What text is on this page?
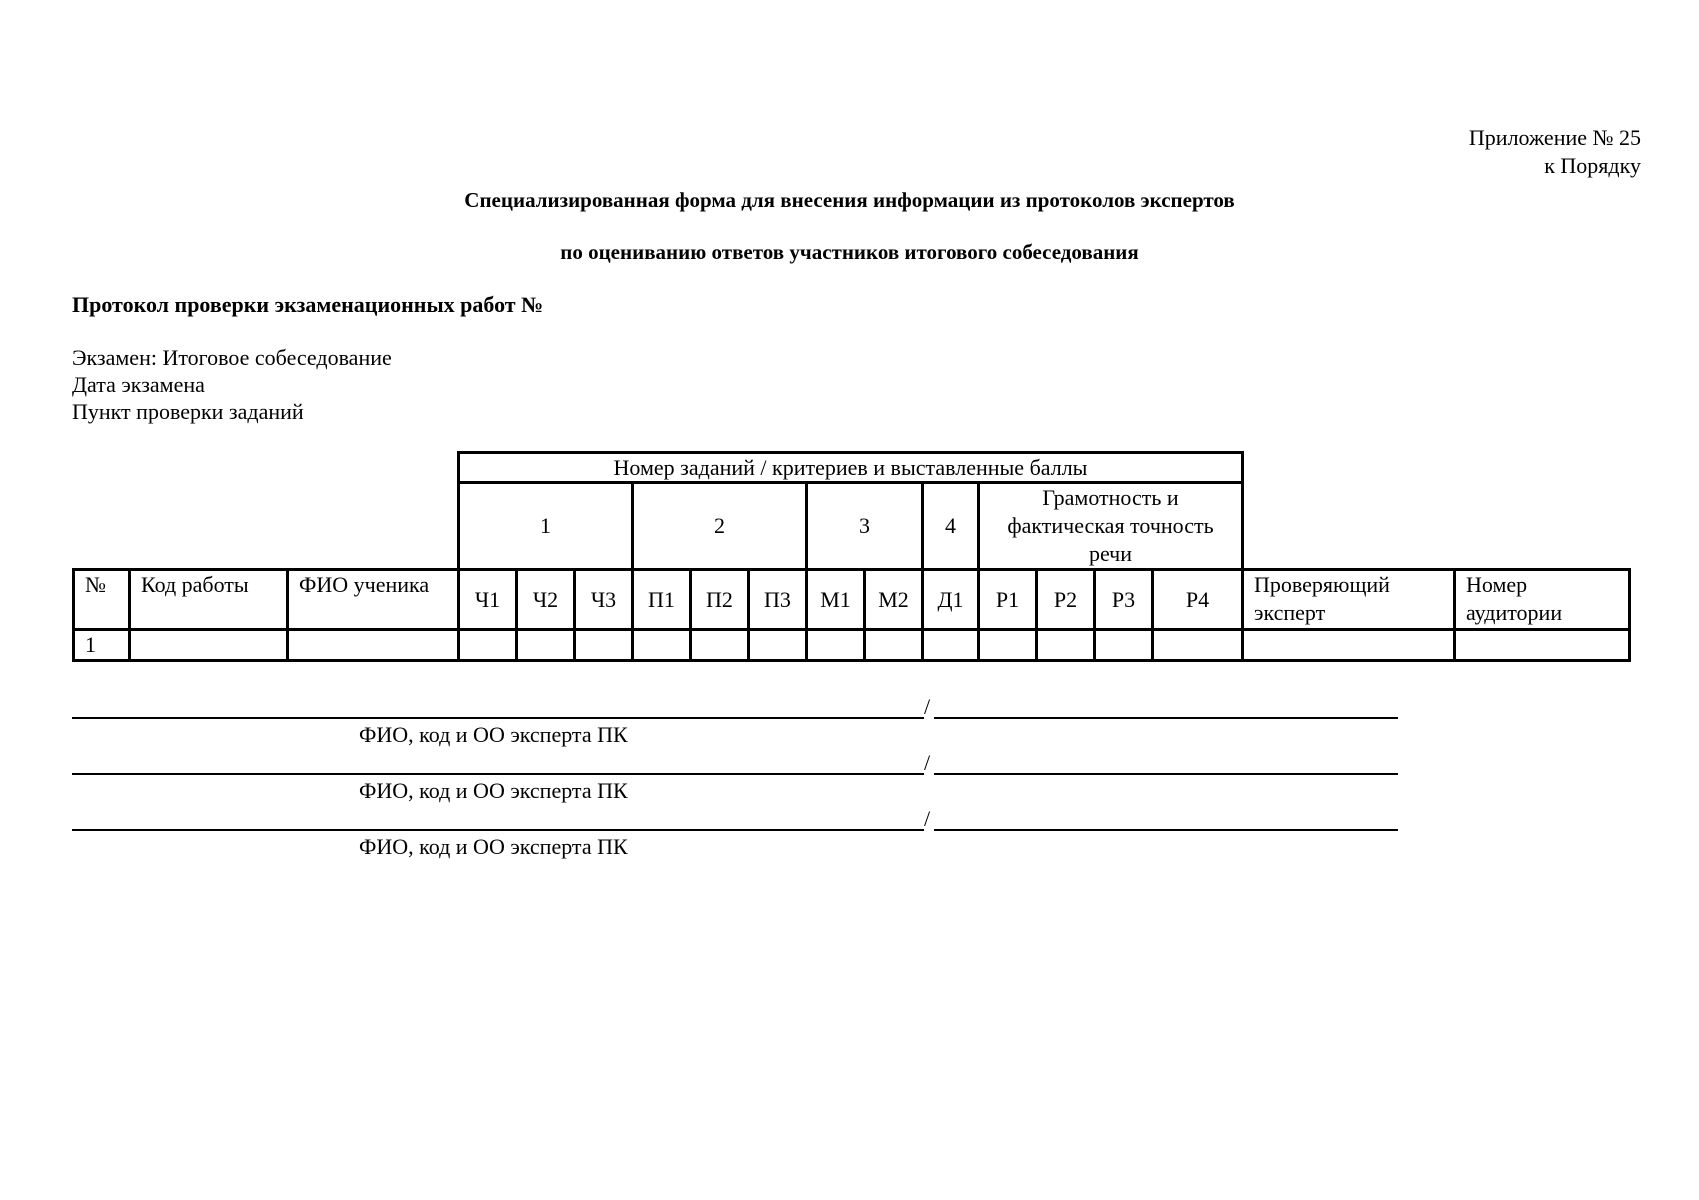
Приложение № 25
к Порядку
Специализированная форма для внесения информации из протоколов экспертов
по оцениванию ответов участников итогового собеседования
Протокол проверки экзаменационных работ №
Экзамен: Итоговое собеседование
Дата экзамена
Пункт проверки заданий
Номер заданий / критериев и выставленные баллы
1	2	3	4	Грамотность и фактическая точность речи
№	Код работы	ФИО ученика	Ч1	Ч2	Ч3	П1	П2	П3	М1	М2	Д1	Р1	Р2	Р3	Р4	Проверяющий эксперт	Номер аудитории
1																	
/
ФИО, код и ОО эксперта ПК
/
ФИО, код и ОО эксперта ПК
/
ФИО, код и ОО эксперта ПК
